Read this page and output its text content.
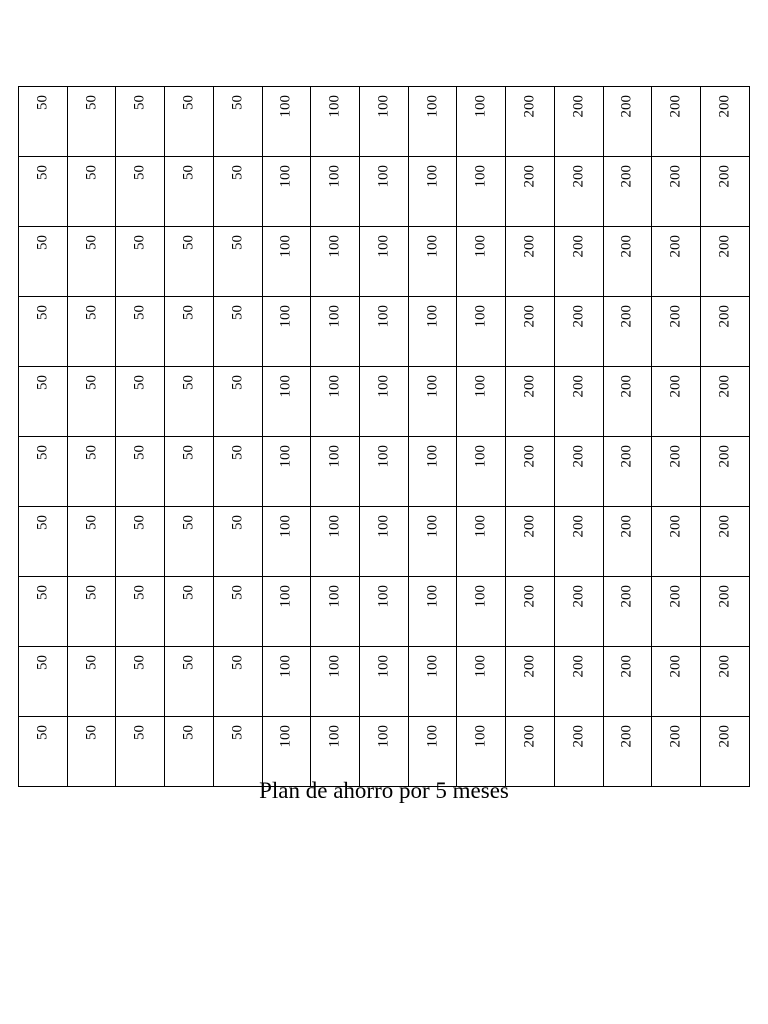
50	50	50	50	50	100	100	100	100	100	200	200	200	200	200

50	50	50	50	50	100	100	100	100	100	200	200	200	200	200

50	50	50	50	50	100	100	100	100	100	200	200	200	200	200

50	50	50	50	50	100	100	100	100	100	200	200	200	200	200

50	50	50	50	50	100	100	100	100	100	200	200	200	200	200

50	50	50	50	50	100	100	100	100	100	200	200	200	200	200

50	50	50	50	50	100	100	100	100	100	200	200	200	200	200

50	50	50	50	50	100	100	100	100	100	200	200	200	200	200

50	50	50	50	50	100	100	100	100	100	200	200	200	200	200

50	50	50	50	50	100	100	100	100	100	200	200	200	200	200
Plan de ahorro por 5 meses
